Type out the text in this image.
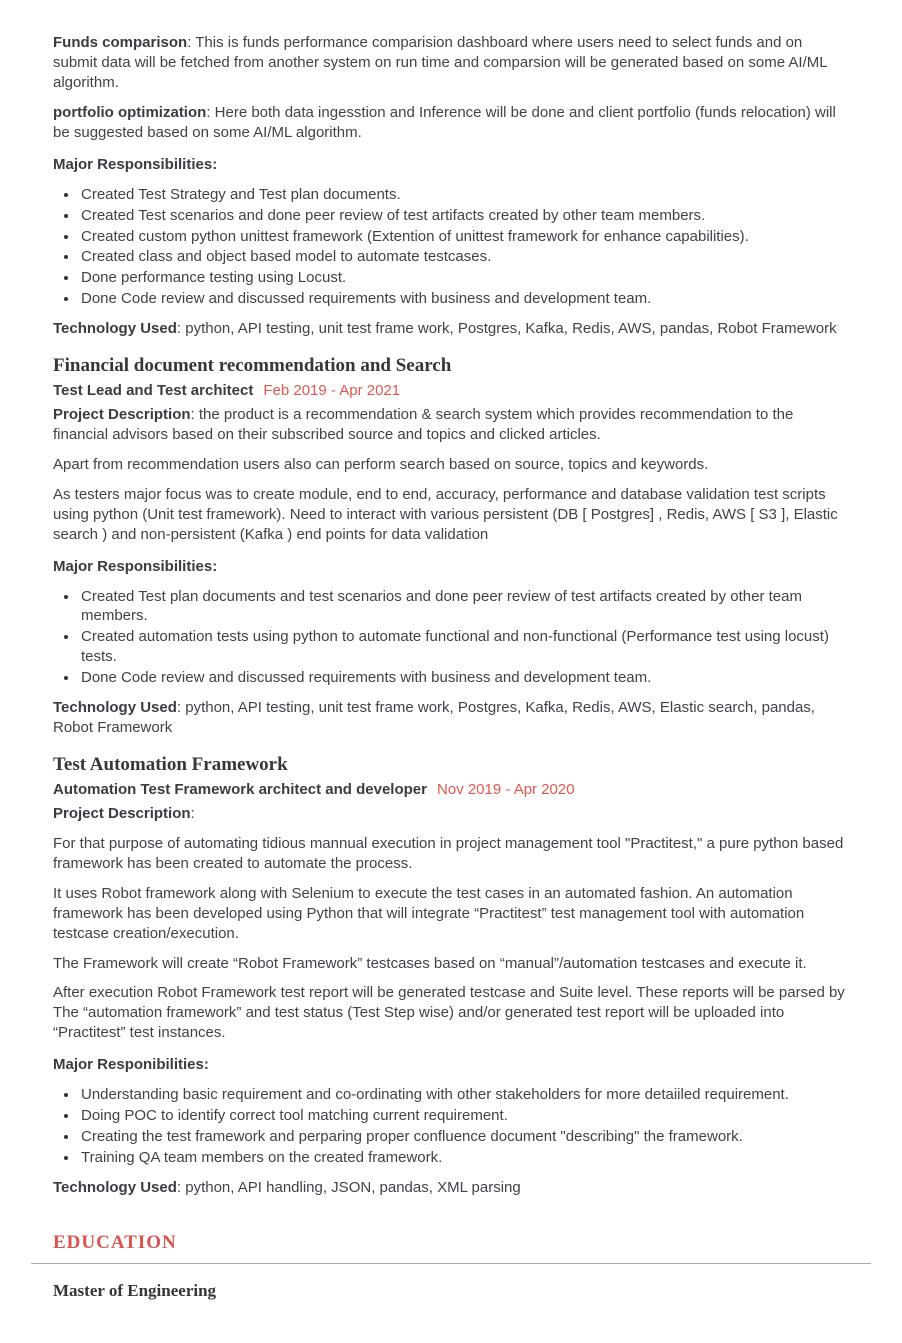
Funds comparison: This is funds performance comparision dashboard where users need to select funds and on submit data will be fetched from another system on run time and comparsion will be generated based on some AI/ML algorithm.

portfolio optimization: Here both data ingesstion and Inference will be done and client portfolio (funds relocation) will be suggested based on some AI/ML algorithm.

Major Responsibilities:

• Created Test Strategy and Test plan documents.
• Created Test scenarios and done peer review of test artifacts created by other team members.
• Created custom python unittest framework (Extention of unittest framework for enhance capabilities).
• Created class and object based model to automate testcases.
• Done performance testing using Locust.
• Done Code review and discussed requirements with business and development team.

Technology Used: python, API testing, unit test frame work, Postgres, Kafka, Redis, AWS, pandas, Robot Framework

Financial document recommendation and Search

Test Lead and Test architect Feb 2019 - Apr 2021

Project Description: the product is a recommendation & search system which provides recommendation to the financial advisors based on their subscribed source and topics and clicked articles.

Apart from recommendation users also can perform search based on source, topics and keywords.

As testers major focus was to create module, end to end, accuracy, performance and database validation test scripts using python (Unit test framework). Need to interact with various persistent (DB [ Postgres] , Redis, AWS [ S3 ], Elastic search ) and non-persistent (Kafka ) end points for data validation

Major Responsibilities:

• Created Test plan documents and test scenarios and done peer review of test artifacts created by other team members.
• Created automation tests using python to automate functional and non-functional (Performance test using locust) tests.
• Done Code review and discussed requirements with business and development team.

Technology Used: python, API testing, unit test frame work, Postgres, Kafka, Redis, AWS, Elastic search, pandas, Robot Framework

Test Automation Framework

Automation Test Framework architect and developer Nov 2019 - Apr 2020

Project Description:

For that purpose of automating tidious mannual execution in project management tool "Practitest," a pure python based framework has been created to automate the process.

It uses Robot framework along with Selenium to execute the test cases in an automated fashion. An automation framework has been developed using Python that will integrate “Practitest” test management tool with automation testcase creation/execution.

The Framework will create “Robot Framework” testcases based on “manual”/automation testcases and execute it.

After execution Robot Framework test report will be generated testcase and Suite level. These reports will be parsed by The “automation framework” and test status (Test Step wise) and/or generated test report will be uploaded into “Practitest” test instances.

Major Responibilities:

• Understanding basic requirement and co-ordinating with other stakeholders for more detaiiled requirement.
• Doing POC to identify correct tool matching current requirement.
• Creating the test framework and perparing proper confluence document "describing" the framework.
• Training QA team members on the created framework.

Technology Used: python, API handling, JSON, pandas, XML parsing

EDUCATION
Master of Engineering
